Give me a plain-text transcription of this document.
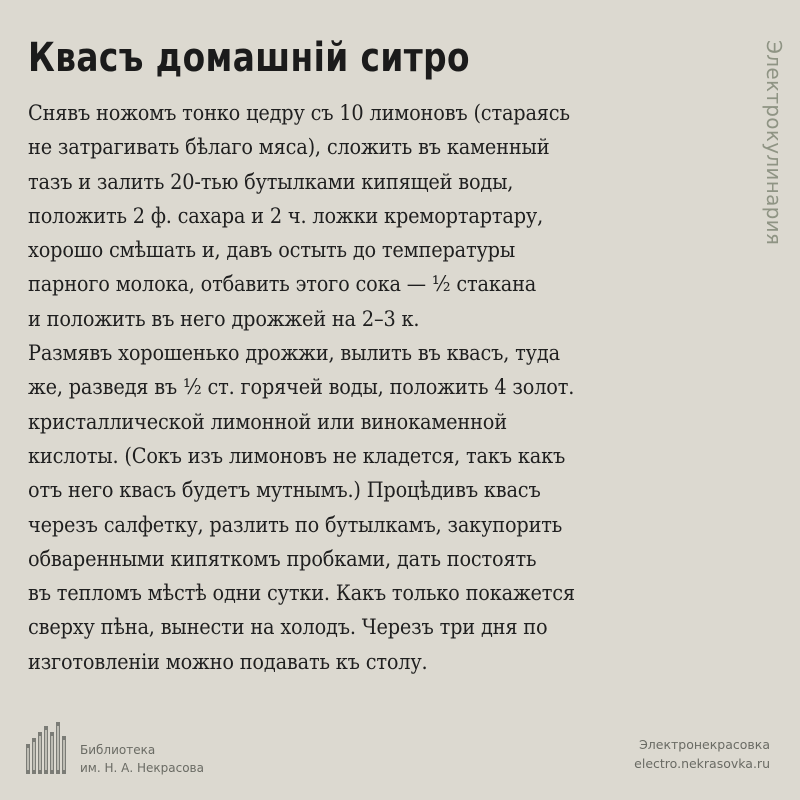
Квасъ домашній ситро
Снявъ ножомъ тонко цедру съ 10 лимоновъ (стараясь
не затрагивать бѣлаго мяса), сложить въ каменный
тазъ и залить 20-тью бутылками кипящей воды,
положить 2 ф. сахара и 2 ч. ложки кремортартару,
хорошо смѣшать и, давъ остыть до температуры
парного молока, отбавить этого сока — ½ стакана
и положить въ него дрожжей на 2–3 к.
Размявъ хорошенько дрожжи, вылить въ квасъ, туда
же, разведя въ ½ ст. горячей воды, положить 4 золот.
кристаллической лимонной или винокаменной
кислоты. (Сокъ изъ лимоновъ не кладется, такъ какъ
отъ него квасъ будетъ мутнымъ.) Процѣдивъ квасъ
черезъ салфетку, разлить по бутылкамъ, закупорить
обваренными кипяткомъ пробками, дать постоять
въ тепломъ мѣстѣ одни сутки. Какъ только покажется
сверху пѣна, вынести на холодъ. Черезъ три дня по
изготовленіи можно подавать къ столу.
Электрокулинария
Библиотека
им. Н. А. Некрасова
Электронекрасовка
electro.nekrasovka.ru
